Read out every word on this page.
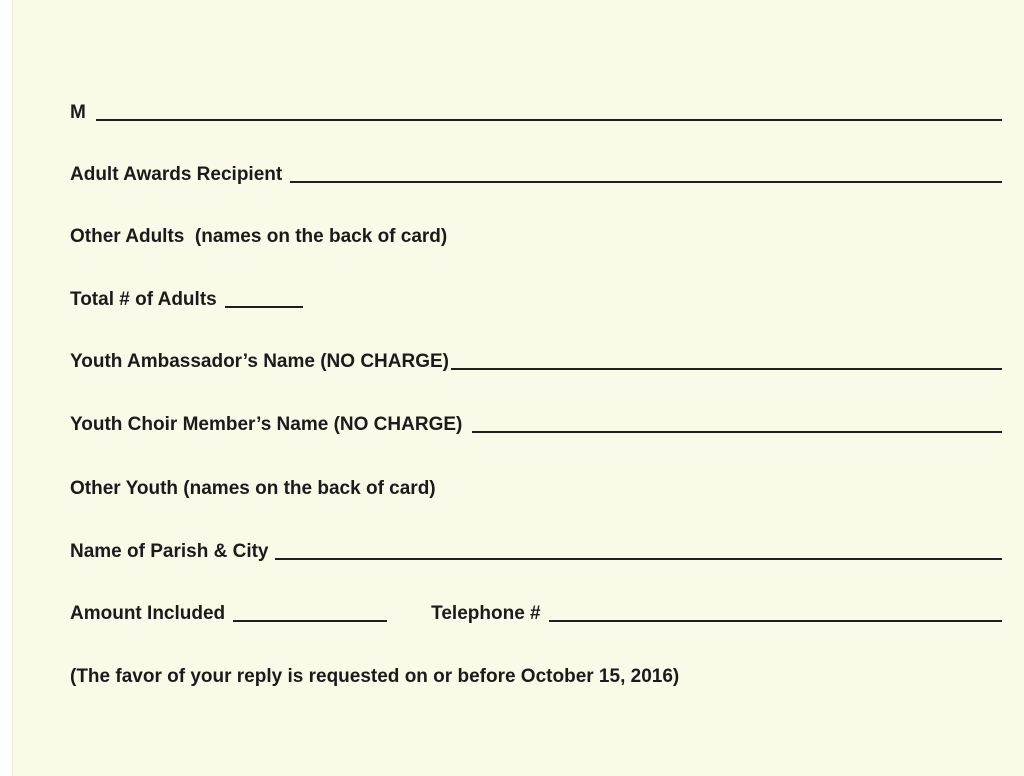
M
Adult Awards Recipient
Other Adults  (names on the back of card)
Total # of Adults
Youth Ambassador’s Name (NO CHARGE)
Youth Choir Member’s Name (NO CHARGE)
Other Youth (names on the back of card)
Name of Parish & City
Amount Included	Telephone #
(The favor of your reply is requested on or before October 15, 2016)
